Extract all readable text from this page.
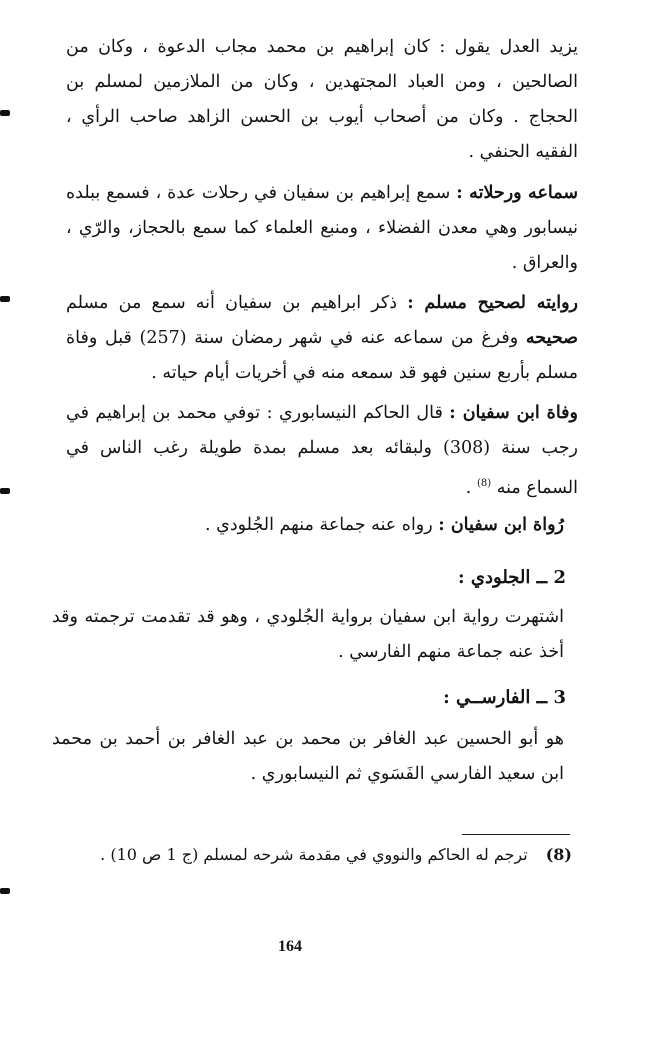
يزيد العدل يقول : كان إبراهيم بن محمد مجاب الدعوة ، وكان من الصالحين ، ومن العباد المجتهدين ، وكان من الملازمين لمسلم بن الحجاج . وكان من أصحاب أيوب بن الحسن الزاهد صاحب الرأي ، الفقيه الحنفي .

سماعه ورحلاته : سمع إبراهيم بن سفيان في رحلات عدة ، فسمع ببلده نيسابور وهي معدن الفضلاء ، ومنبع العلماء كما سمع بالحجاز، والرّي ، والعراق .

روايته لصحيح مسلم : ذكر ابراهيم بن سفيان أنه سمع من مسلم صحيحه وفرغ من سماعه عنه في شهر رمضان سنة (257) قبل وفاة مسلم بأربع سنين فهو قد سمعه منه في أخريات أيام حياته .

وفاة ابن سفيان : قال الحاكم النيسابوري : توفي محمد بن إبراهيم في رجب سنة (308) ولبقائه بعد مسلم بمدة طويلة رغب الناس في السماع منه $^{(8)}$ .

رُواة ابن سفيان : رواه عنه جماعة منهم الجُلودي .

2 ــ الجلودي :

اشتهرت رواية ابن سفيان برواية الجُلودي ، وهو قد تقدمت ترجمته وقد أخذ عنه جماعة منهم الفارسي .

3 ــ الفارســي :

هو أبو الحسين عبد الغافر بن محمد بن عبد الغافر بن أحمد بن محمد ابن سعيد الفارسي الفَسَوي ثم النيسابوري .

(8)ترجم له الحاكم والنووي في مقدمة شرحه لمسلم (ج 1 ص 10) .

164
